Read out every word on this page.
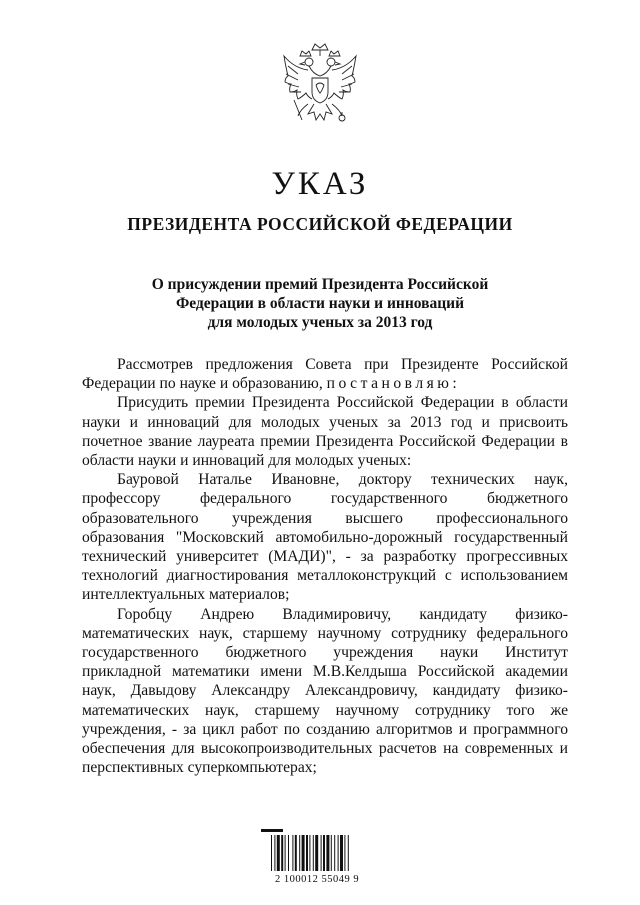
УКАЗ
ПРЕЗИДЕНТА РОССИЙСКОЙ ФЕДЕРАЦИИ
О присуждении премий Президента Российской
Федерации в области науки и инноваций
для молодых ученых за 2013 год
Рассмотрев предложения Совета при Президенте Российской
Федерации по науке и образованию, постановляю:
Присудить премии Президента Российской Федерации в области
науки и инноваций для молодых ученых за 2013 год и присвоить
почетное звание лауреата премии Президента Российской Федерации в
области науки и инноваций для молодых ученых:
Бауровой Наталье Ивановне, доктору технических наук,
профессору федерального государственного бюджетного
образовательного учреждения высшего профессионального
образования "Московский автомобильно-дорожный государственный
технический университет (МАДИ)", - за разработку прогрессивных
технологий диагностирования металлоконструкций с использованием
интеллектуальных материалов;
Горобцу Андрею Владимировичу, кандидату физико-
математических наук, старшему научному сотруднику федерального
государственного бюджетного учреждения науки Институт
прикладной математики имени М.В.Келдыша Российской академии
наук, Давыдову Александру Александровичу, кандидату физико-
математических наук, старшему научному сотруднику того же
учреждения, - за цикл работ по созданию алгоритмов и программного
обеспечения для высокопроизводительных расчетов на современных и
перспективных суперкомпьютерах;
2 100012 55049 9
